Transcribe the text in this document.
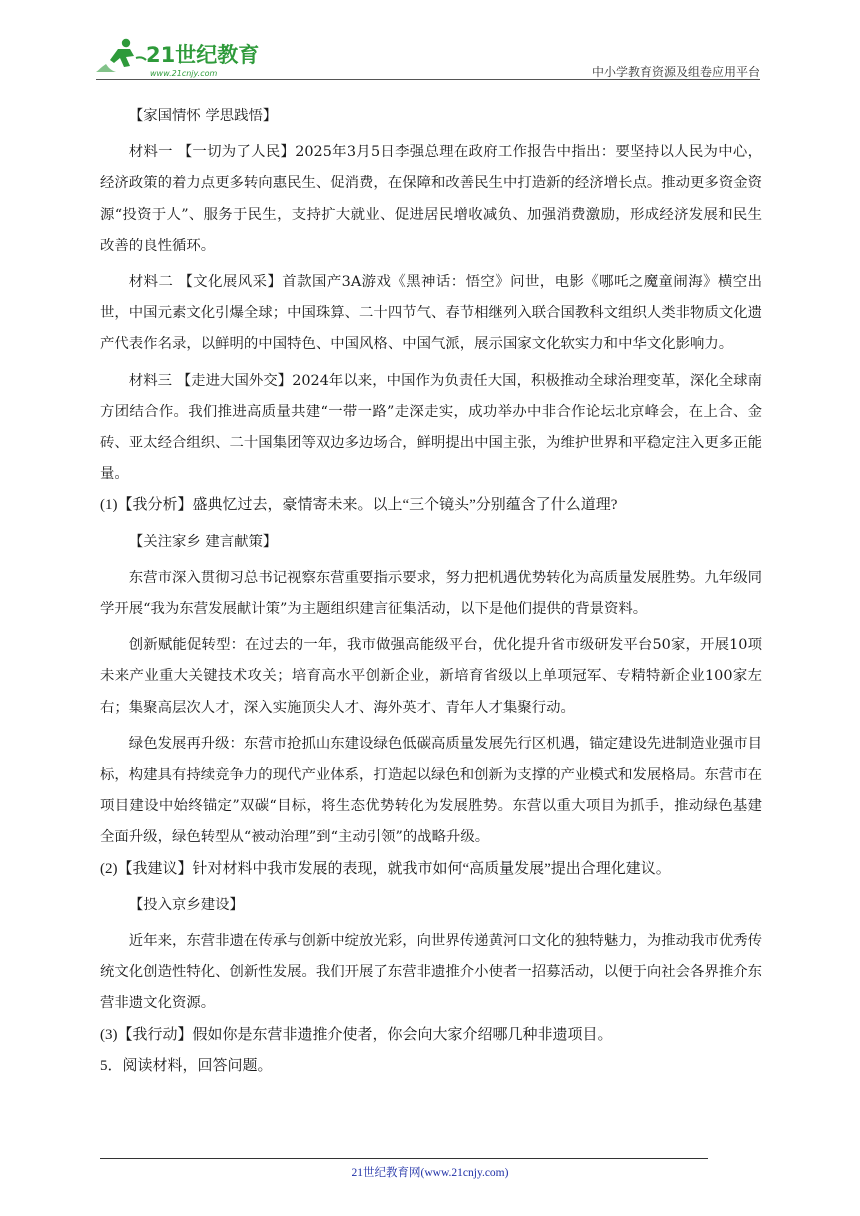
21世纪教育
www.21cnjy.com	中小学教育资源及组卷应用平台

【家国情怀 学思践悟】

材料一 【一切为了人民】2025年3月5日李强总理在政府工作报告中指出：要坚持以人民为中心，经济政策的着力点更多转向惠民生、促消费，在保障和改善民生中打造新的经济增长点。推动更多资金资源“投资于人”、服务于民生，支持扩大就业、促进居民增收减负、加强消费激励，形成经济发展和民生改善的良性循环。

材料二 【文化展风采】首款国产3A游戏《黑神话：悟空》问世，电影《哪吒之魔童闹海》横空出世，中国元素文化引爆全球；中国珠算、二十四节气、春节相继列入联合国教科文组织人类非物质文化遗产代表作名录，以鲜明的中国特色、中国风格、中国气派，展示国家文化软实力和中华文化影响力。

材料三 【走进大国外交】2024年以来，中国作为负责任大国，积极推动全球治理变革，深化全球南方团结合作。我们推进高质量共建“一带一路”走深走实，成功举办中非合作论坛北京峰会，在上合、金砖、亚太经合组织、二十国集团等双边多边场合，鲜明提出中国主张，为维护世界和平稳定注入更多正能量。

(1)【我分析】盛典忆过去，豪情寄未来。以上“三个镜头”分别蕴含了什么道理?

【关注家乡 建言献策】

东营市深入贯彻习总书记视察东营重要指示要求，努力把机遇优势转化为高质量发展胜势。九年级同学开展“我为东营发展献计策”为主题组织建言征集活动，以下是他们提供的背景资料。

创新赋能促转型：在过去的一年，我市做强高能级平台，优化提升省市级研发平台50家，开展10项未来产业重大关键技术攻关；培育高水平创新企业，新培育省级以上单项冠军、专精特新企业100家左右；集聚高层次人才，深入实施顶尖人才、海外英才、青年人才集聚行动。

绿色发展再升级：东营市抢抓山东建设绿色低碳高质量发展先行区机遇，锚定建设先进制造业强市目标，构建具有持续竞争力的现代产业体系，打造起以绿色和创新为支撑的产业模式和发展格局。东营市在项目建设中始终锚定”双碳“目标，将生态优势转化为发展胜势。东营以重大项目为抓手，推动绿色基建全面升级，绿色转型从“被动治理”到“主动引领”的战略升级。

(2)【我建议】针对材料中我市发展的表现，就我市如何“高质量发展”提出合理化建议。

【投入京乡建设】

近年来，东营非遗在传承与创新中绽放光彩，向世界传递黄河口文化的独特魅力，为推动我市优秀传统文化创造性特化、创新性发展。我们开展了东营非遗推介小使者一招募活动，以便于向社会各界推介东营非遗文化资源。

(3)【我行动】假如你是东营非遗推介使者，你会向大家介绍哪几种非遗项目。

5．阅读材料，回答问题。

21世纪教育网(www.21cnjy.com)
